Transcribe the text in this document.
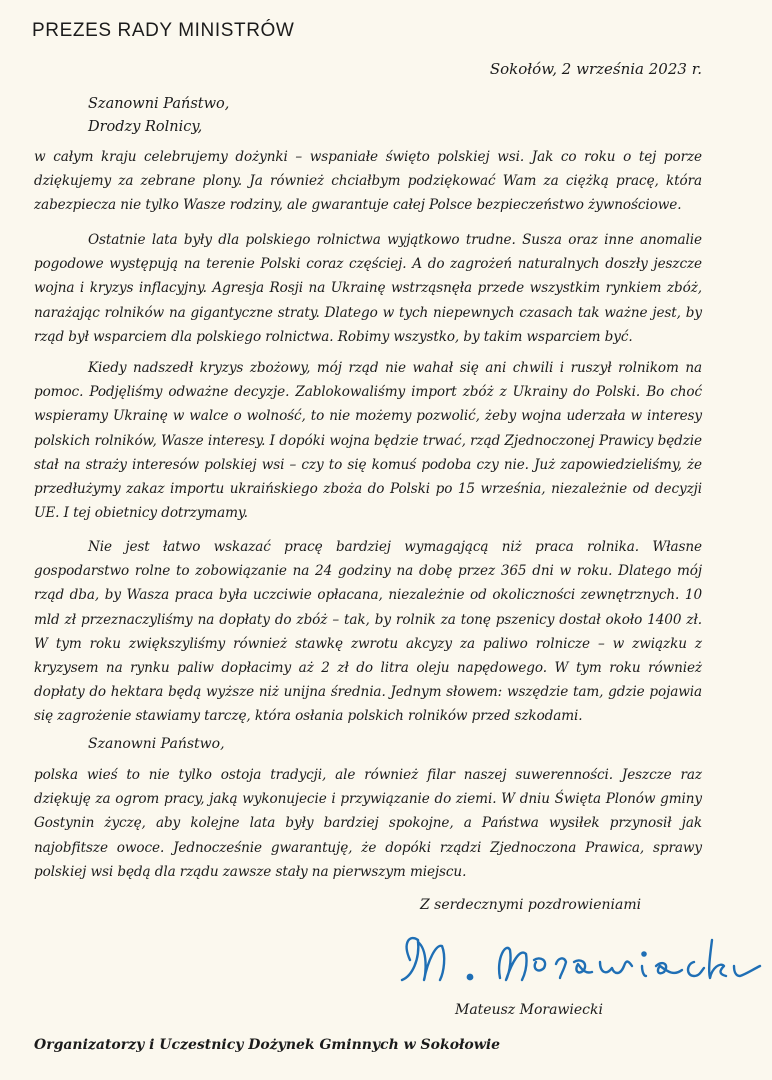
PREZES RADY MINISTRÓW
Sokołów, 2 września 2023 r.
Szanowni Państwo,
Drodzy Rolnicy,
w całym kraju celebrujemy dożynki – wspaniałe święto polskiej wsi. Jak co roku o tej porze dziękujemy za zebrane plony. Ja również chciałbym podziękować Wam za ciężką pracę, która zabezpiecza nie tylko Wasze rodziny, ale gwarantuje całej Polsce bezpieczeństwo żywnościowe.
Ostatnie lata były dla polskiego rolnictwa wyjątkowo trudne. Susza oraz inne anomalie pogodowe występują na terenie Polski coraz częściej. A do zagrożeń naturalnych doszły jeszcze wojna i kryzys inflacyjny. Agresja Rosji na Ukrainę wstrząsnęła przede wszystkim rynkiem zbóż, narażając rolników na gigantyczne straty. Dlatego w tych niepewnych czasach tak ważne jest, by rząd był wsparciem dla polskiego rolnictwa. Robimy wszystko, by takim wsparciem być.
Kiedy nadszedł kryzys zbożowy, mój rząd nie wahał się ani chwili i ruszył rolnikom na pomoc. Podjęliśmy odważne decyzje. Zablokowaliśmy import zbóż z Ukrainy do Polski. Bo choć wspieramy Ukrainę w walce o wolność, to nie możemy pozwolić, żeby wojna uderzała w interesy polskich rolników, Wasze interesy. I dopóki wojna będzie trwać, rząd Zjednoczonej Prawicy będzie stał na straży interesów polskiej wsi – czy to się komuś podoba czy nie. Już zapowiedzieliśmy, że przedłużymy zakaz importu ukraińskiego zboża do Polski po 15 września, niezależnie od decyzji UE. I tej obietnicy dotrzymamy.
Nie jest łatwo wskazać pracę bardziej wymagającą niż praca rolnika. Własne gospodarstwo rolne to zobowiązanie na 24 godziny na dobę przez 365 dni w roku. Dlatego mój rząd dba, by Wasza praca była uczciwie opłacana, niezależnie od okoliczności zewnętrznych. 10 mld zł przeznaczyliśmy na dopłaty do zbóż – tak, by rolnik za tonę pszenicy dostał około 1400 zł. W tym roku zwiększyliśmy również stawkę zwrotu akcyzy za paliwo rolnicze – w związku z kryzysem na rynku paliw dopłacimy aż 2 zł do litra oleju napędowego. W tym roku również dopłaty do hektara będą wyższe niż unijna średnia. Jednym słowem: wszędzie tam, gdzie pojawia się zagrożenie stawiamy tarczę, która osłania polskich rolników przed szkodami.
Szanowni Państwo,
polska wieś to nie tylko ostoja tradycji, ale również filar naszej suwerenności. Jeszcze raz dziękuję za ogrom pracy, jaką wykonujecie i przywiązanie do ziemi. W dniu Święta Plonów gminy Gostynin życzę, aby kolejne lata były bardziej spokojne, a Państwa wysiłek przynosił jak najobfitsze owoce. Jednocześnie gwarantuję, że dopóki rządzi Zjednoczona Prawica, sprawy polskiej wsi będą dla rządu zawsze stały na pierwszym miejscu.
Z serdecznymi pozdrowieniami
Mateusz Morawiecki
Organizatorzy i Uczestnicy Dożynek Gminnych w Sokołowie
